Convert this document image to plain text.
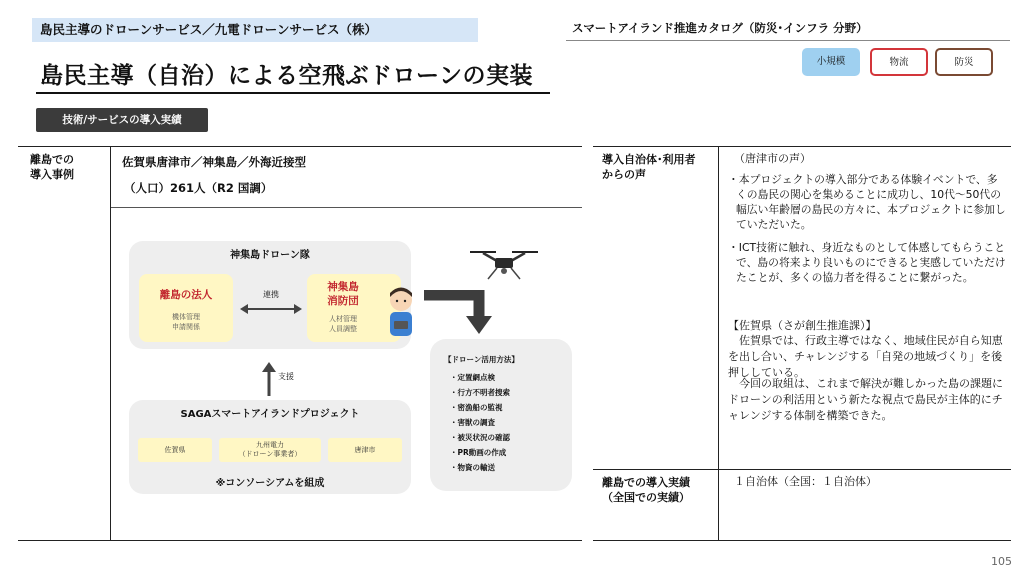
島民主導のドローンサービス／九電ドローンサービス（株）	スマートアイランド推進カタログ（防災･インフラ 分野）
島民主導（自治）による空飛ぶドローンの実装
小規模	物流	防災
技術/サービスの導入実績
離島での
導入事例
佐賀県唐津市／神集島／外海近接型
（人口）261人（R2 国調）
神集島ドローン隊
離島の法人
機体管理
申請関係
連携
神集島
消防団
人材管理
人員調整
支援
SAGAスマートアイランドプロジェクト
佐賀県
九州電力
（ドローン事業者）
唐津市
※コンソーシアムを組成
【ドローン活用方法】
・定置網点検
・行方不明者捜索
・密漁船の監視
・害獣の調査
・被災状況の確認
・PR動画の作成
・物資の輸送
導入自治体･利用者
からの声
（唐津市の声）
・本プロジェクトの導入部分である体験イベントで、多くの島民の関心を集めることに成功し、10代～50代の幅広い年齢層の島民の方々に、本プロジェクトに参加していただいた。
・ICT技術に触れ、身近なものとして体感してもらうことで、島の将来より良いものにできると実感していただけたことが、多くの協力者を得ることに繋がった。
【佐賀県（さが創生推進課）】
　佐賀県では、行政主導ではなく、地域住民が自ら知恵を出し合い、チャレンジする「自発の地域づくり」を後押ししている。
　今回の取組は、これまで解決が難しかった島の課題にドローンの利活用という新たな視点で島民が主体的にチャレンジする体制を構築できた。
離島での導入実績
（全国での実績）
１自治体（全国：１自治体）
105
